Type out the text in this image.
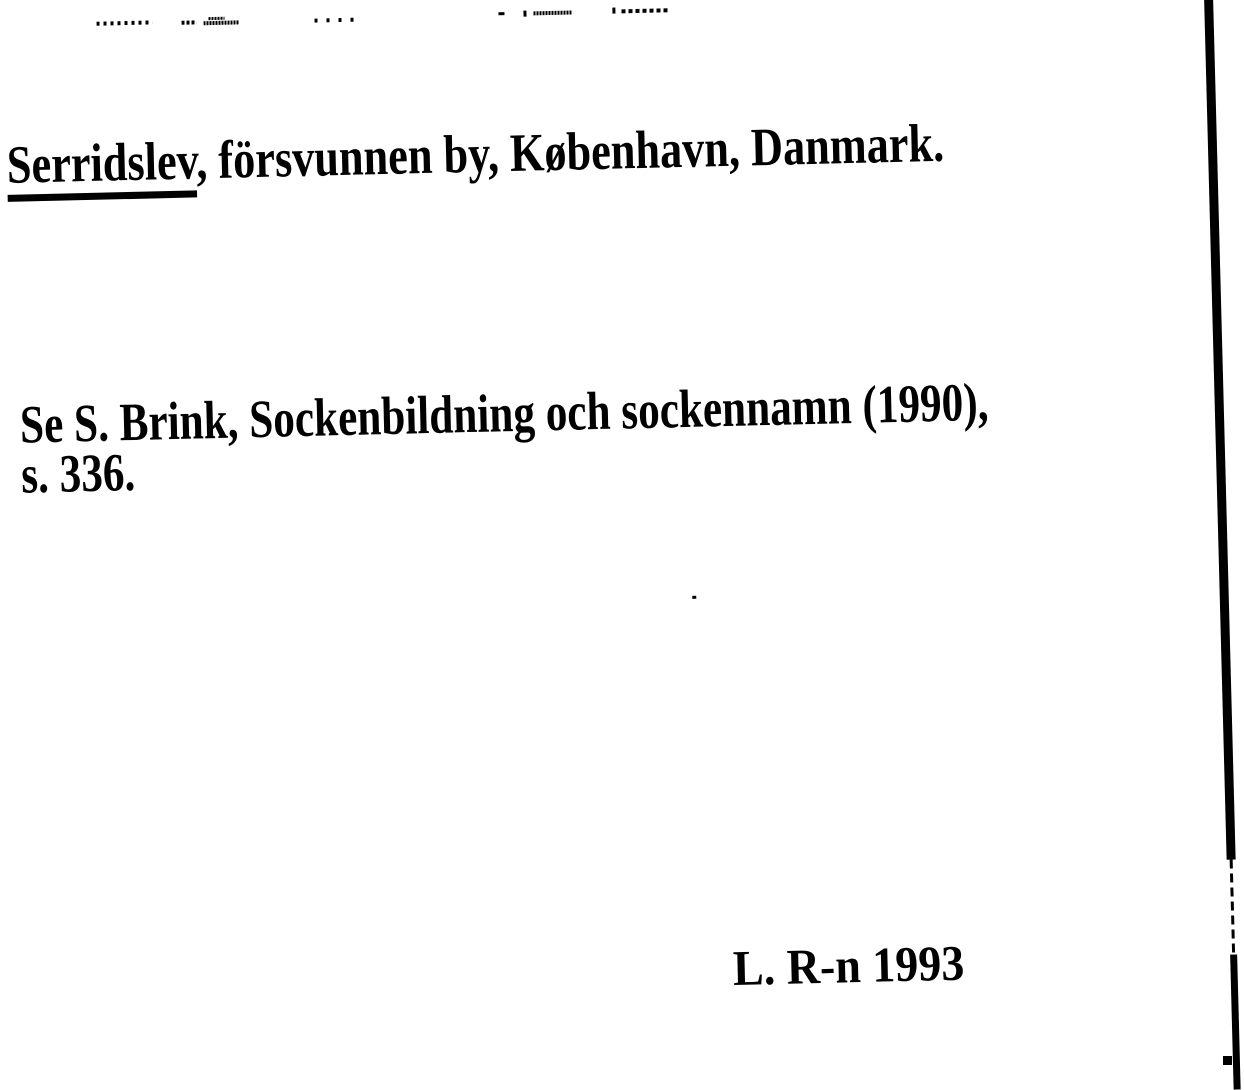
Serridslev, försvunnen by, København, Danmark.
Se S. Brink, Sockenbildning och sockennamn (1990),
s. 336.
L. R-n 1993
